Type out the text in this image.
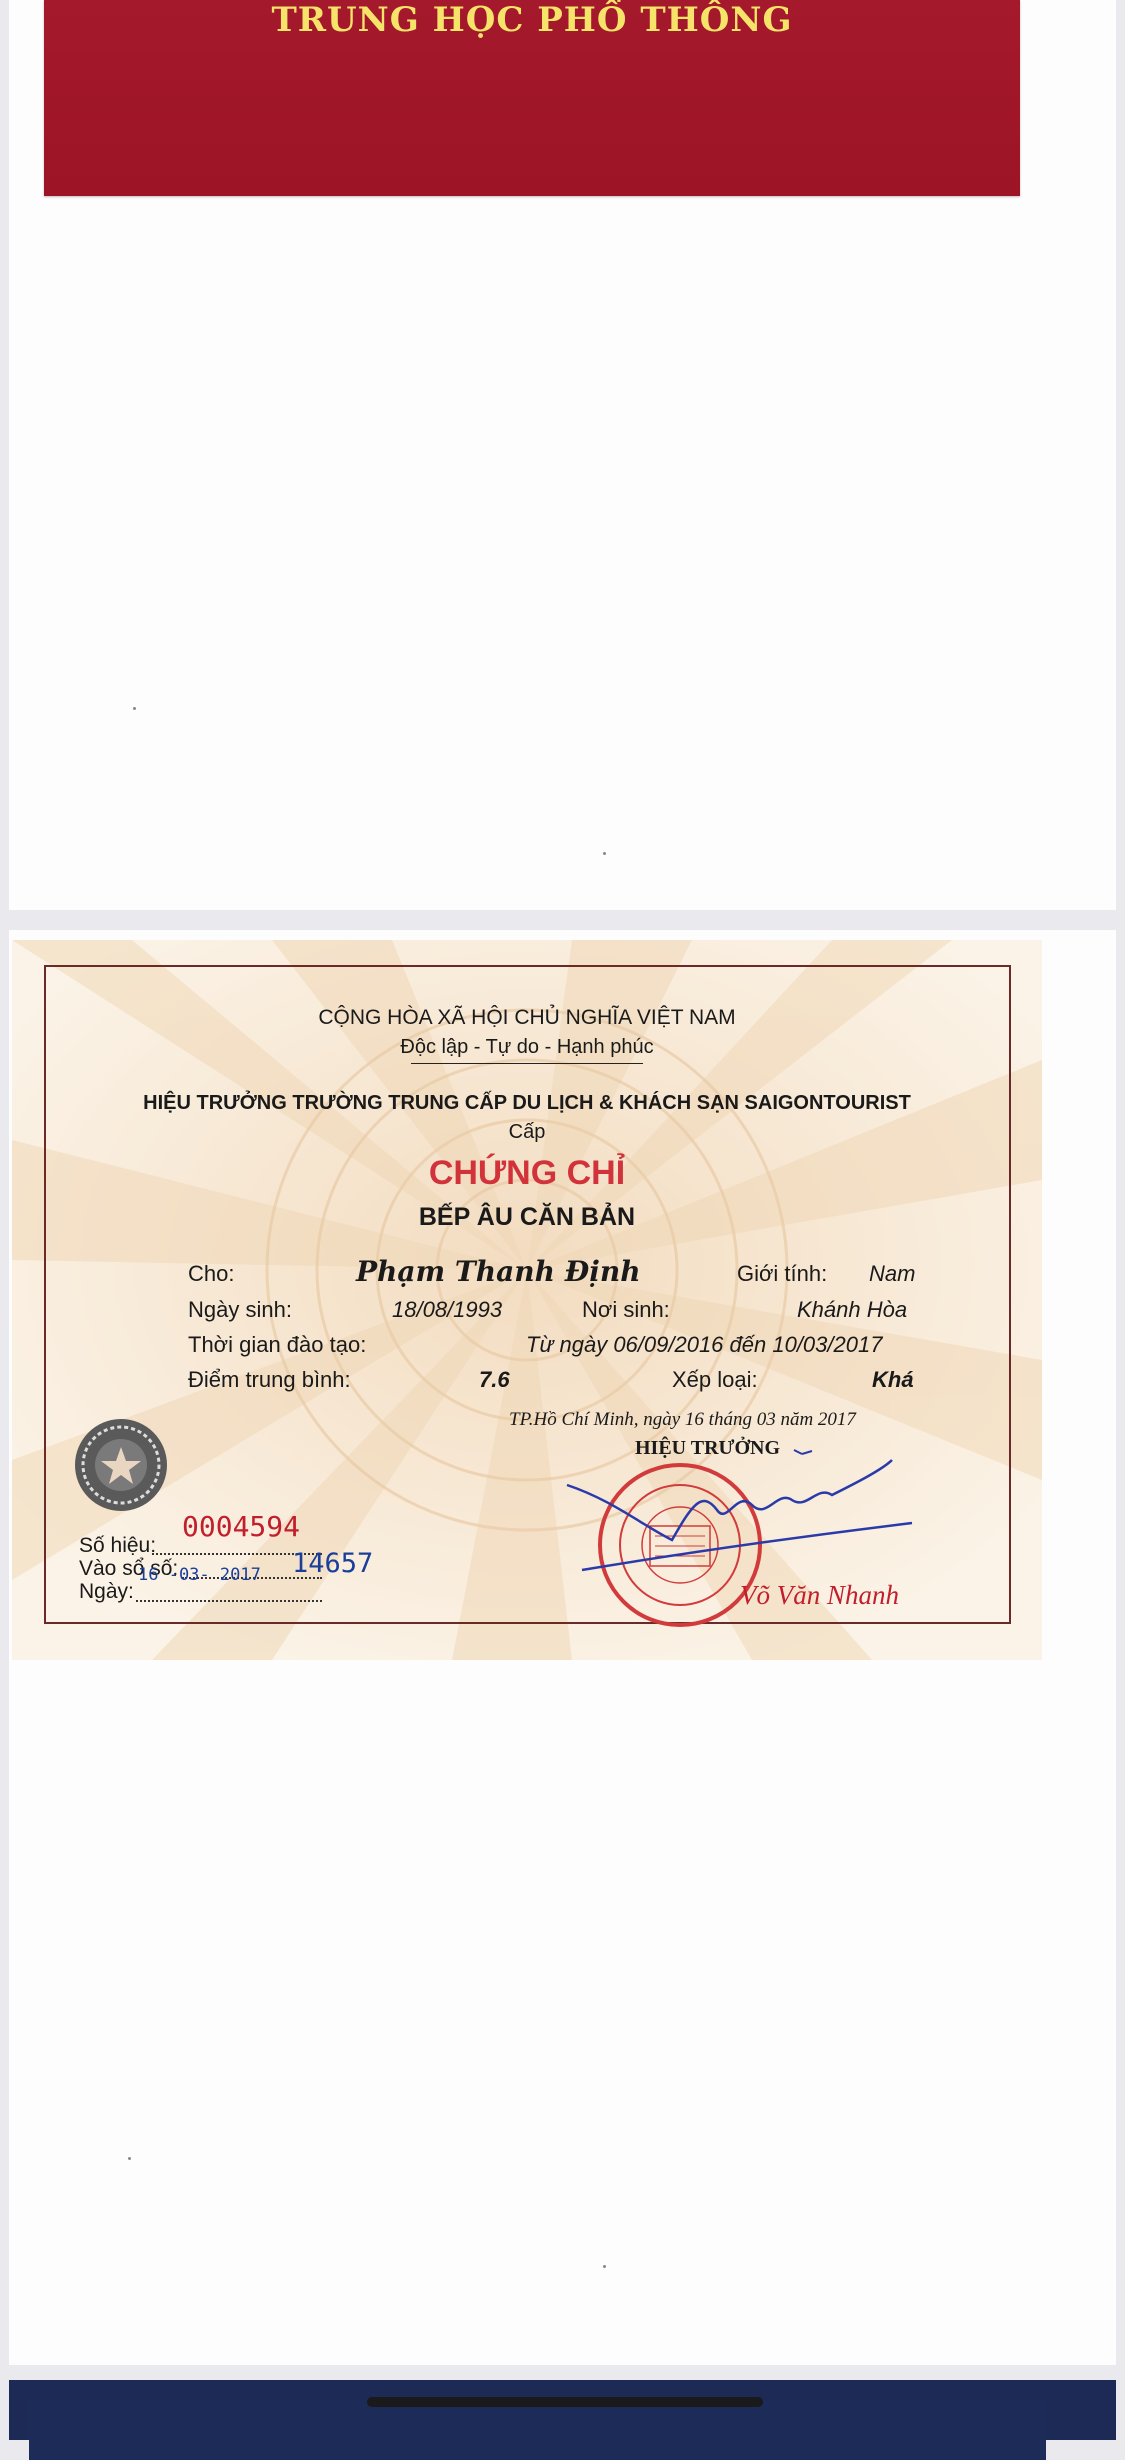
TRUNG HỌC PHỔ THÔNG
CỘNG HÒA XÃ HỘI CHỦ NGHĨA VIỆT NAM
Độc lập - Tự do - Hạnh phúc
HIỆU TRƯỞNG TRƯỜNG TRUNG CẤP DU LỊCH & KHÁCH SẠN SAIGONTOURIST
Cấp
CHỨNG CHỈ
BẾP ÂU CĂN BẢN
Cho:	Phạm Thanh Định	Giới tính: Nam
Ngày sinh:	18/08/1993	Nơi sinh:	Khánh Hòa
Thời gian đào tạo:	Từ ngày 06/09/2016 đến 10/03/2017
Điểm trung bình:	7.6	Xếp loại:	Khá
TP.Hồ Chí Minh, ngày 16 tháng 03 năm 2017
HIỆU TRƯỞNG
Võ Văn Nhanh
Số hiệu:
0004594
Vào sổ số:	14657
Ngày:
16 -03- 2017
